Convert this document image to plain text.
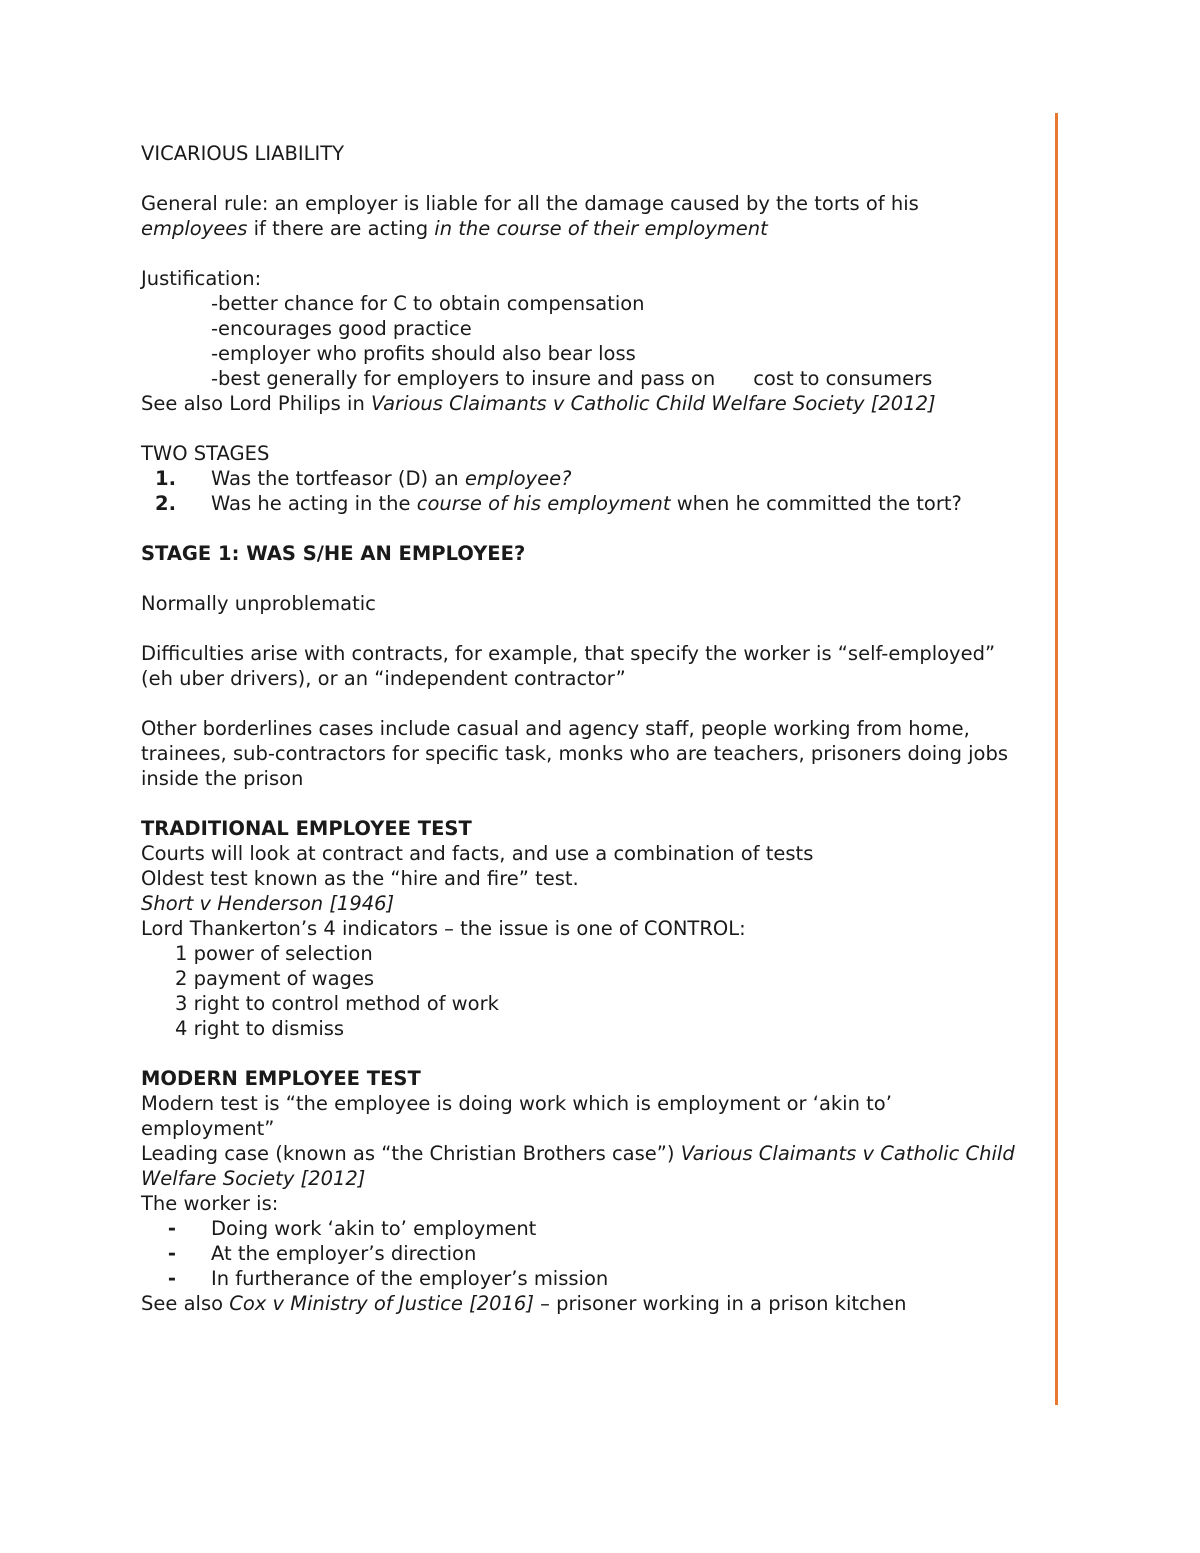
VICARIOUS LIABILITY

General rule: an employer is liable for all the damage caused by the torts of his employees if there are acting in the course of their employment

Justification:

-better chance for C to obtain compensation

-encourages good practice

-employer who profits should also bear loss

-best generally for employers to insure and pass on cost to consumers

See also Lord Philips in Various Claimants v Catholic Child Welfare Society [2012]

TWO STAGES

1.	Was the tortfeasor (D) an employee?
2.	Was he acting in the course of his employment when he committed the tort?

STAGE 1: WAS S/HE AN EMPLOYEE?

Normally unproblematic

Difficulties arise with contracts, for example, that specify the worker is “self-employed” (eh uber drivers), or an “independent contractor”

Other borderlines cases include casual and agency staff, people working from home, trainees, sub-contractors for specific task, monks who are teachers, prisoners doing jobs inside the prison

TRADITIONAL EMPLOYEE TEST

Courts will look at contract and facts, and use a combination of tests

Oldest test known as the “hire and fire” test.

Short v Henderson [1946]

Lord Thankerton’s 4 indicators – the issue is one of CONTROL:

1 power of selection

2 payment of wages

3 right to control method of work

4 right to dismiss

MODERN EMPLOYEE TEST

Modern test is “the employee is doing work which is employment or ‘akin to’ employment”

Leading case (known as “the Christian Brothers case”) Various Claimants v Catholic Child Welfare Society [2012]

The worker is:

-	Doing work ‘akin to’ employment
-	At the employer’s direction
-	In furtherance of the employer’s mission

See also Cox v Ministry of Justice [2016] – prisoner working in a prison kitchen
